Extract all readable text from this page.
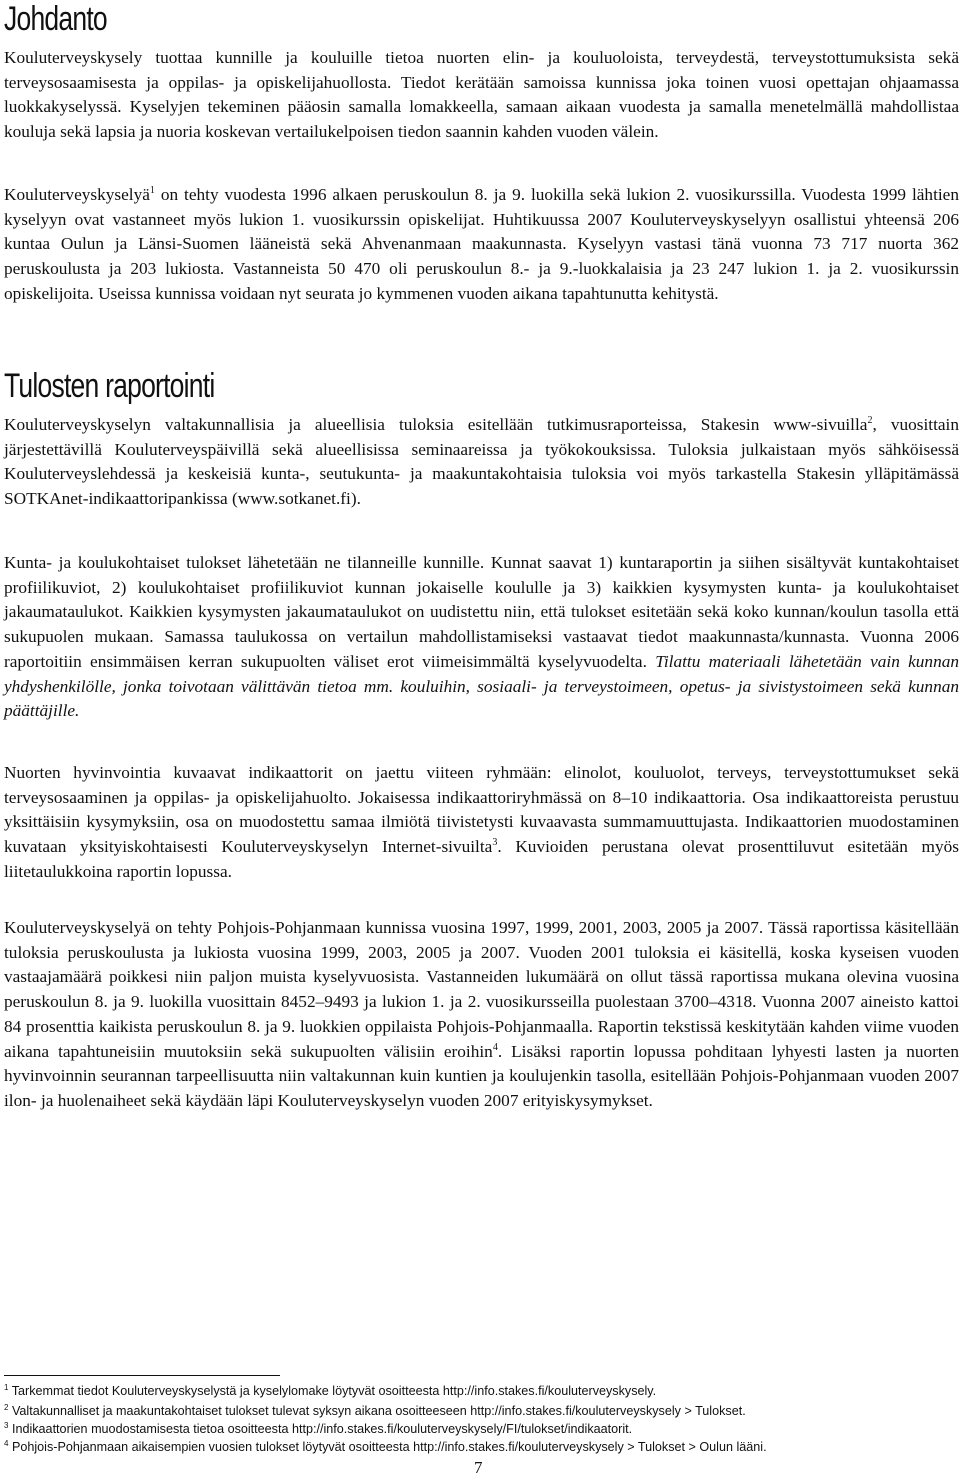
Johdanto

Kouluterveyskysely tuottaa kunnille ja kouluille tietoa nuorten elin- ja kouluoloista, terveydestä, terveystottumuksista sekä terveysosaamisesta ja oppilas- ja opiskelijahuollosta. Tiedot kerätään samoissa kunnissa joka toinen vuosi opettajan ohjaamassa luokkakyselyssä. Kyselyjen tekeminen pääosin samalla lomakkeella, samaan aikaan vuodesta ja samalla menetelmällä mahdollistaa kouluja sekä lapsia ja nuoria koskevan vertailukelpoisen tiedon saannin kahden vuoden välein.

Kouluterveyskyselyä$^1$ on tehty vuodesta 1996 alkaen peruskoulun 8. ja 9. luokilla sekä lukion 2. vuosikurssilla. Vuodesta 1999 lähtien kyselyyn ovat vastanneet myös lukion 1. vuosikurssin opiskelijat. Huhtikuussa 2007 Kouluterveyskyselyyn osallistui yhteensä 206 kuntaa Oulun ja Länsi-Suomen lääneistä sekä Ahvenanmaan maakunnasta. Kyselyyn vastasi tänä vuonna 73 717 nuorta 362 peruskoulusta ja 203 lukiosta. Vastanneista 50 470 oli peruskoulun 8.- ja 9.-luokkalaisia ja 23 247 lukion 1. ja 2. vuosikurssin opiskelijoita. Useissa kunnissa voidaan nyt seurata jo kymmenen vuoden aikana tapahtunutta kehitystä.

Tulosten raportointi

Kouluterveyskyselyn valtakunnallisia ja alueellisia tuloksia esitellään tutkimusraporteissa, Stakesin www-sivuilla$^2$, vuosittain järjestettävillä Kouluterveyspäivillä sekä alueellisissa seminaareissa ja työkokouksissa. Tuloksia julkaistaan myös sähköisessä Kouluterveyslehdessä ja keskeisiä kunta-, seutukunta- ja maakuntakohtaisia tuloksia voi myös tarkastella Stakesin ylläpitämässä SOTKAnet-indikaattoripankissa (www.sotkanet.fi).

Kunta- ja koulukohtaiset tulokset lähetetään ne tilanneille kunnille. Kunnat saavat 1) kuntaraportin ja siihen sisältyvät kuntakohtaiset profiilikuviot, 2) koulukohtaiset profiilikuviot kunnan jokaiselle koululle ja 3) kaikkien kysymysten kunta- ja koulukohtaiset jakaumataulukot. Kaikkien kysymysten jakaumataulukot on uudistettu niin, että tulokset esitetään sekä koko kunnan/koulun tasolla että sukupuolen mukaan. Samassa taulukossa on vertailun mahdollistamiseksi vastaavat tiedot maakunnasta/kunnasta. Vuonna 2006 raportoitiin ensimmäisen kerran sukupuolten väliset erot viimeisimmältä kyselyvuodelta. Tilattu materiaali lähetetään vain kunnan yhdyshenkilölle, jonka toivotaan välittävän tietoa mm. kouluihin, sosiaali- ja terveystoimeen, opetus- ja sivistystoimeen sekä kunnan päättäjille.

Nuorten hyvinvointia kuvaavat indikaattorit on jaettu viiteen ryhmään: elinolot, kouluolot, terveys, terveystottumukset sekä terveysosaaminen ja oppilas- ja opiskelijahuolto. Jokaisessa indikaattoriryhmässä on 8–10 indikaattoria. Osa indikaattoreista perustuu yksittäisiin kysymyksiin, osa on muodostettu samaa ilmiötä tiivistetysti kuvaavasta summamuuttujasta. Indikaattorien muodostaminen kuvataan yksityiskohtaisesti Kouluterveyskyselyn Internet-sivuilta$^3$. Kuvioiden perustana olevat prosenttiluvut esitetään myös liitetaulukkoina raportin lopussa.

Kouluterveyskyselyä on tehty Pohjois-Pohjanmaan kunnissa vuosina 1997, 1999, 2001, 2003, 2005 ja 2007. Tässä raportissa käsitellään tuloksia peruskoulusta ja lukiosta vuosina 1999, 2003, 2005 ja 2007. Vuoden 2001 tuloksia ei käsitellä, koska kyseisen vuoden vastaajamäärä poikkesi niin paljon muista kyselyvuosista. Vastanneiden lukumäärä on ollut tässä raportissa mukana olevina vuosina peruskoulun 8. ja 9. luokilla vuosittain 8452–9493 ja lukion 1. ja 2. vuosikursseilla puolestaan 3700–4318. Vuonna 2007 aineisto kattoi 84 prosenttia kaikista peruskoulun 8. ja 9. luokkien oppilaista Pohjois-Pohjanmaalla. Raportin tekstissä keskitytään kahden viime vuoden aikana tapahtuneisiin muutoksiin sekä sukupuolten välisiin eroihin$^4$. Lisäksi raportin lopussa pohditaan lyhyesti lasten ja nuorten hyvinvoinnin seurannan tarpeellisuutta niin valtakunnan kuin kuntien ja koulujenkin tasolla, esitellään Pohjois-Pohjanmaan vuoden 2007 ilon- ja huolenaiheet sekä käydään läpi Kouluterveyskyselyn vuoden 2007 erityiskysymykset.

$^1$ Tarkemmat tiedot Kouluterveyskyselystä ja kyselylomake löytyvät osoitteesta http://info.stakes.fi/kouluterveyskysely.

$^2$ Valtakunnalliset ja maakuntakohtaiset tulokset tulevat syksyn aikana osoitteeseen http://info.stakes.fi/kouluterveyskysely > Tulokset.

$^3$ Indikaattorien muodostamisesta tietoa osoitteesta http://info.stakes.fi/kouluterveyskysely/FI/tulokset/indikaatorit.

$^4$ Pohjois-Pohjanmaan aikaisempien vuosien tulokset löytyvät osoitteesta http://info.stakes.fi/kouluterveyskysely > Tulokset > Oulun lääni.

7
